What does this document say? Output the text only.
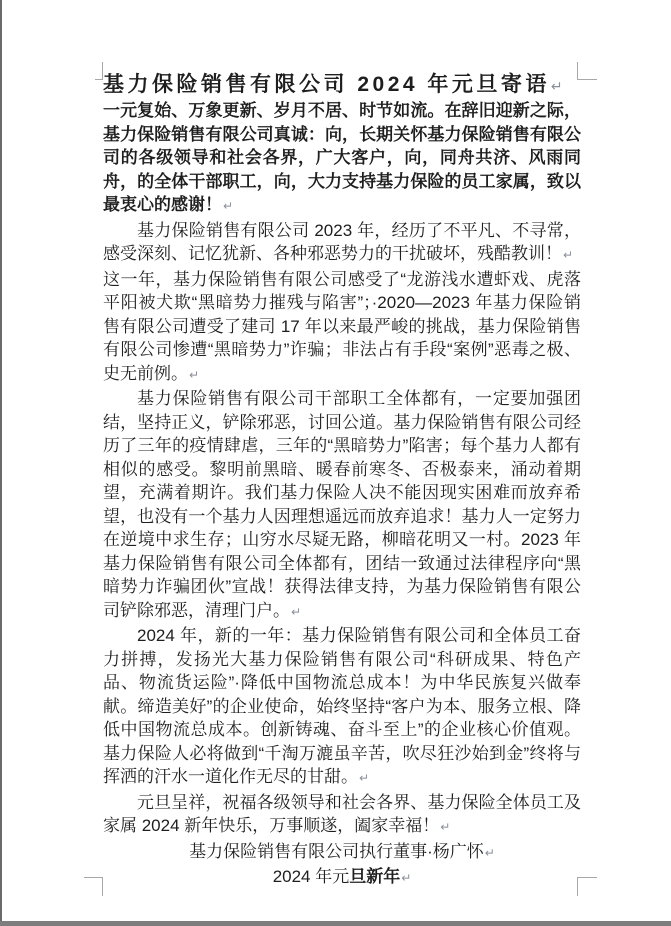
基力保险销售有限公司 2024 年元旦寄语↵

一元复始、万象更新、岁月不居、时节如流。在辞旧迎新之际，基力保险销售有限公司真诚：向，长期关怀基力保险销售有限公司的各级领导和社会各界，广大客户，向，同舟共济、风雨同舟，的全体干部职工，向，大力支持基力保险的员工家属，致以最衷心的感谢！↵

基力保险销售有限公司 2023 年，经历了不平凡、不寻常，感受深刻、记忆犹新、各种邪恶势力的干扰破坏，残酷教训！↵

这一年，基力保险销售有限公司感受了“龙游浅水遭虾戏、虎落平阳被犬欺“黑暗势力摧残与陷害”；·2020—2023 年基力保险销售有限公司遭受了建司 17 年以来最严峻的挑战，基力保险销售有限公司惨遭“黑暗势力”诈骗；非法占有手段“案例”恶毒之极、史无前例。↵

基力保险销售有限公司干部职工全体都有，一定要加强团结，坚持正义，铲除邪恶，讨回公道。基力保险销售有限公司经历了三年的疫情肆虐，三年的“黑暗势力”陷害；每个基力人都有相似的感受。黎明前黑暗、暖春前寒冬、否极泰来，涌动着期望，充满着期许。我们基力保险人决不能因现实困难而放弃希望，也没有一个基力人因理想遥远而放弃追求！基力人一定努力在逆境中求生存；山穷水尽疑无路，柳暗花明又一村。2023 年基力保险销售有限公司全体都有，团结一致通过法律程序向“黑暗势力诈骗团伙”宣战！获得法律支持，为基力保险销售有限公司铲除邪恶，清理门户。↵

2024 年，新的一年：基力保险销售有限公司和全体员工奋力拼搏，发扬光大基力保险销售有限公司“科研成果、特色产品、物流货运险”·降低中国物流总成本！为中华民族复兴做奉献。缔造美好”的企业使命，始终坚持“客户为本、服务立根、降低中国物流总成本。创新铸魂、奋斗至上”的企业核心价值观。基力保险人必将做到“千淘万漉虽辛苦，吹尽狂沙始到金”终将与挥洒的汗水一道化作无尽的甘甜。↵

元旦呈祥，祝福各级领导和社会各界、基力保险全体员工及家属 2024 新年快乐，万事顺遂，阖家幸福！↵

基力保险销售有限公司执行董事·杨广怀↵

2024 年元旦新年↵
